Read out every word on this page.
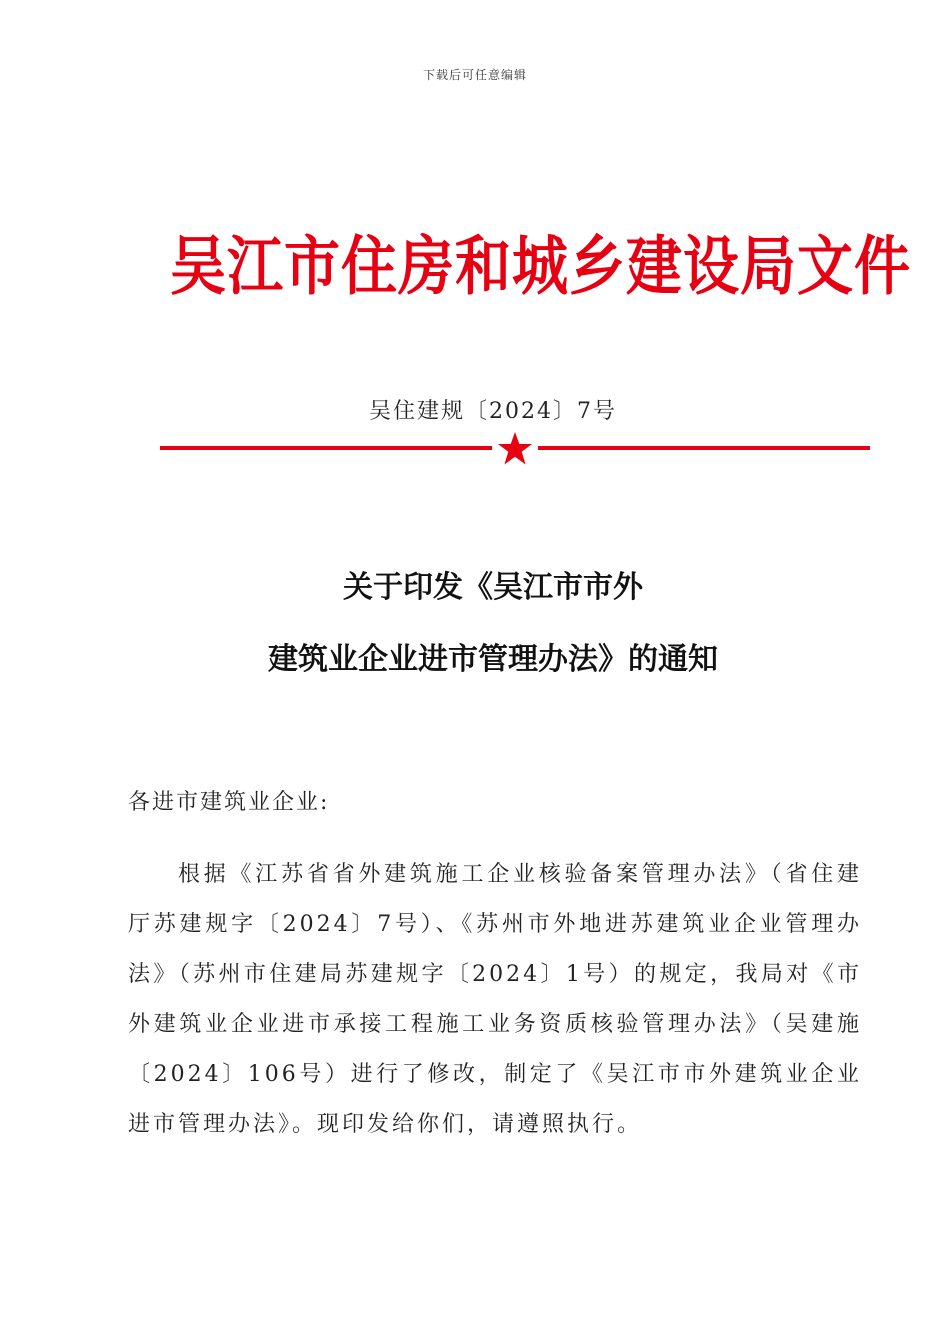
下载后可任意编辑
吴江市住房和城乡建设局文件
吴住建规〔2024〕7号
关于印发《吴江市市外
建筑业企业进市管理办法》的通知
各进市建筑业企业:
根据《江苏省省外建筑施工企业核验备案管理办法》（省住建厅苏建规字〔2024〕7号）、《苏州市外地进苏建筑业企业管理办法》（苏州市住建局苏建规字〔2024〕1号）的规定，我局对《市外建筑业企业进市承接工程施工业务资质核验管理办法》（吴建施〔2024〕106号）进行了修改，制定了《吴江市市外建筑业企业进市管理办法》。现印发给你们，请遵照执行。
